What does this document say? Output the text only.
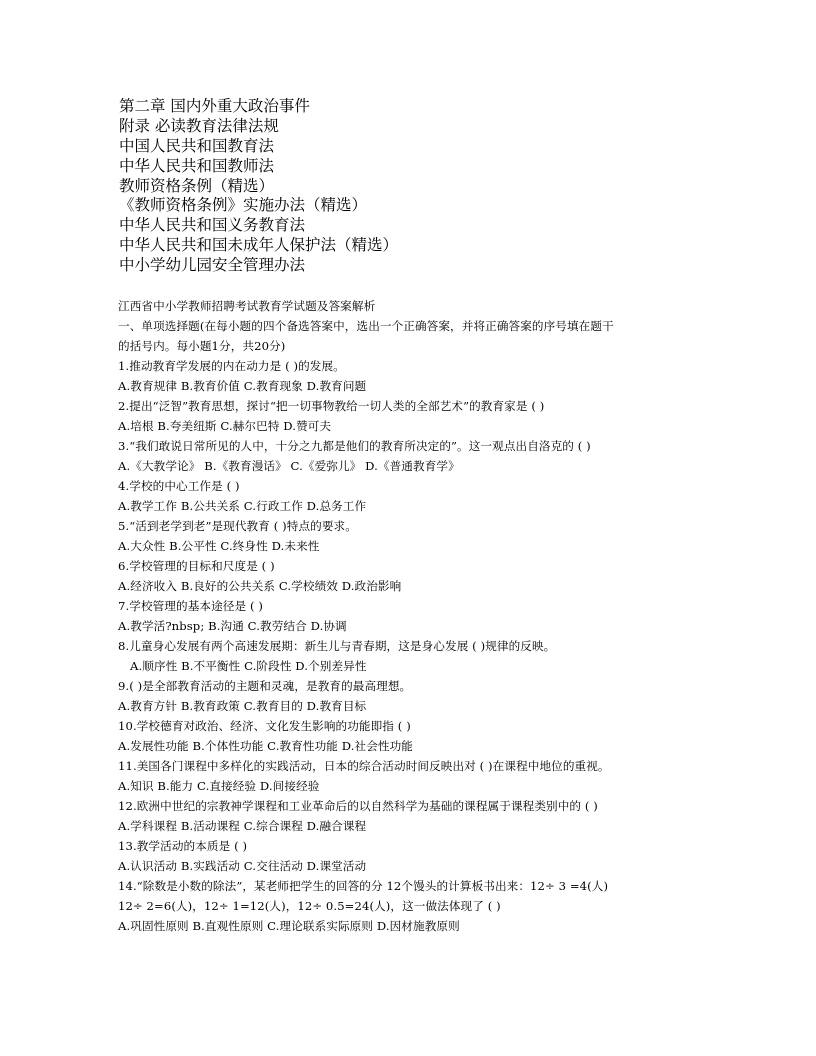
第二章 国内外重大政治事件
附录 必读教育法律法规
中国人民共和国教育法
中华人民共和国教师法
教师资格条例（精选）
《教师资格条例》实施办法（精选）
中华人民共和国义务教育法
中华人民共和国未成年人保护法（精选）
中小学幼儿园安全管理办法
江西省中小学教师招聘考试教育学试题及答案解析
一、单项选择题(在每小题的四个备选答案中，选出一个正确答案，并将正确答案的序号填在题干
的括号内。每小题1分，共20分)
1.推动教育学发展的内在动力是 ( )的发展。
A.教育规律 B.教育价值 C.教育现象 D.教育问题
2.提出“泛智”教育思想，探讨“把一切事物教给一切人类的全部艺术”的教育家是 ( )
A.培根 B.夸美纽斯 C.赫尔巴特 D.赞可夫
3.“我们敢说日常所见的人中，十分之九都是他们的教育所决定的”。这一观点出自洛克的 ( )
A.《大教学论》 B.《教育漫话》 C.《爱弥儿》 D.《普通教育学》
4.学校的中心工作是 ( )
A.教学工作 B.公共关系 C.行政工作 D.总务工作
5.“活到老学到老”是现代教育 ( )特点的要求。
A.大众性 B.公平性 C.终身性 D.未来性
6.学校管理的目标和尺度是 ( )
A.经济收入 B.良好的公共关系 C.学校绩效 D.政治影响
7.学校管理的基本途径是 ( )
A.教学活?nbsp; B.沟通 C.教劳结合 D.协调
8.儿童身心发展有两个高速发展期：新生儿与青春期，这是身心发展 ( )规律的反映。
A.顺序性 B.不平衡性 C.阶段性 D.个别差异性
9.( )是全部教育活动的主题和灵魂，是教育的最高理想。
A.教育方针 B.教育政策 C.教育目的 D.教育目标
10.学校德育对政治、经济、文化发生影响的功能即指 ( )
A.发展性功能 B.个体性功能 C.教育性功能 D.社会性功能
11.美国各门课程中多样化的实践活动，日本的综合活动时间反映出对 ( )在课程中地位的重视。
A.知识 B.能力 C.直接经验 D.间接经验
12.欧洲中世纪的宗教神学课程和工业革命后的以自然科学为基础的课程属于课程类别中的 ( )
A.学科课程 B.活动课程 C.综合课程 D.融合课程
13.教学活动的本质是 ( )
A.认识活动 B.实践活动 C.交往活动 D.课堂活动
14.“除数是小数的除法”，某老师把学生的回答的分 12个馒头的计算板书出来：12÷ 3 =4(人)
12÷ 2=6(人)，12÷ 1=12(人)，12÷ 0.5=24(人)，这一做法体现了 ( )
A.巩固性原则 B.直观性原则 C.理论联系实际原则 D.因材施教原则
